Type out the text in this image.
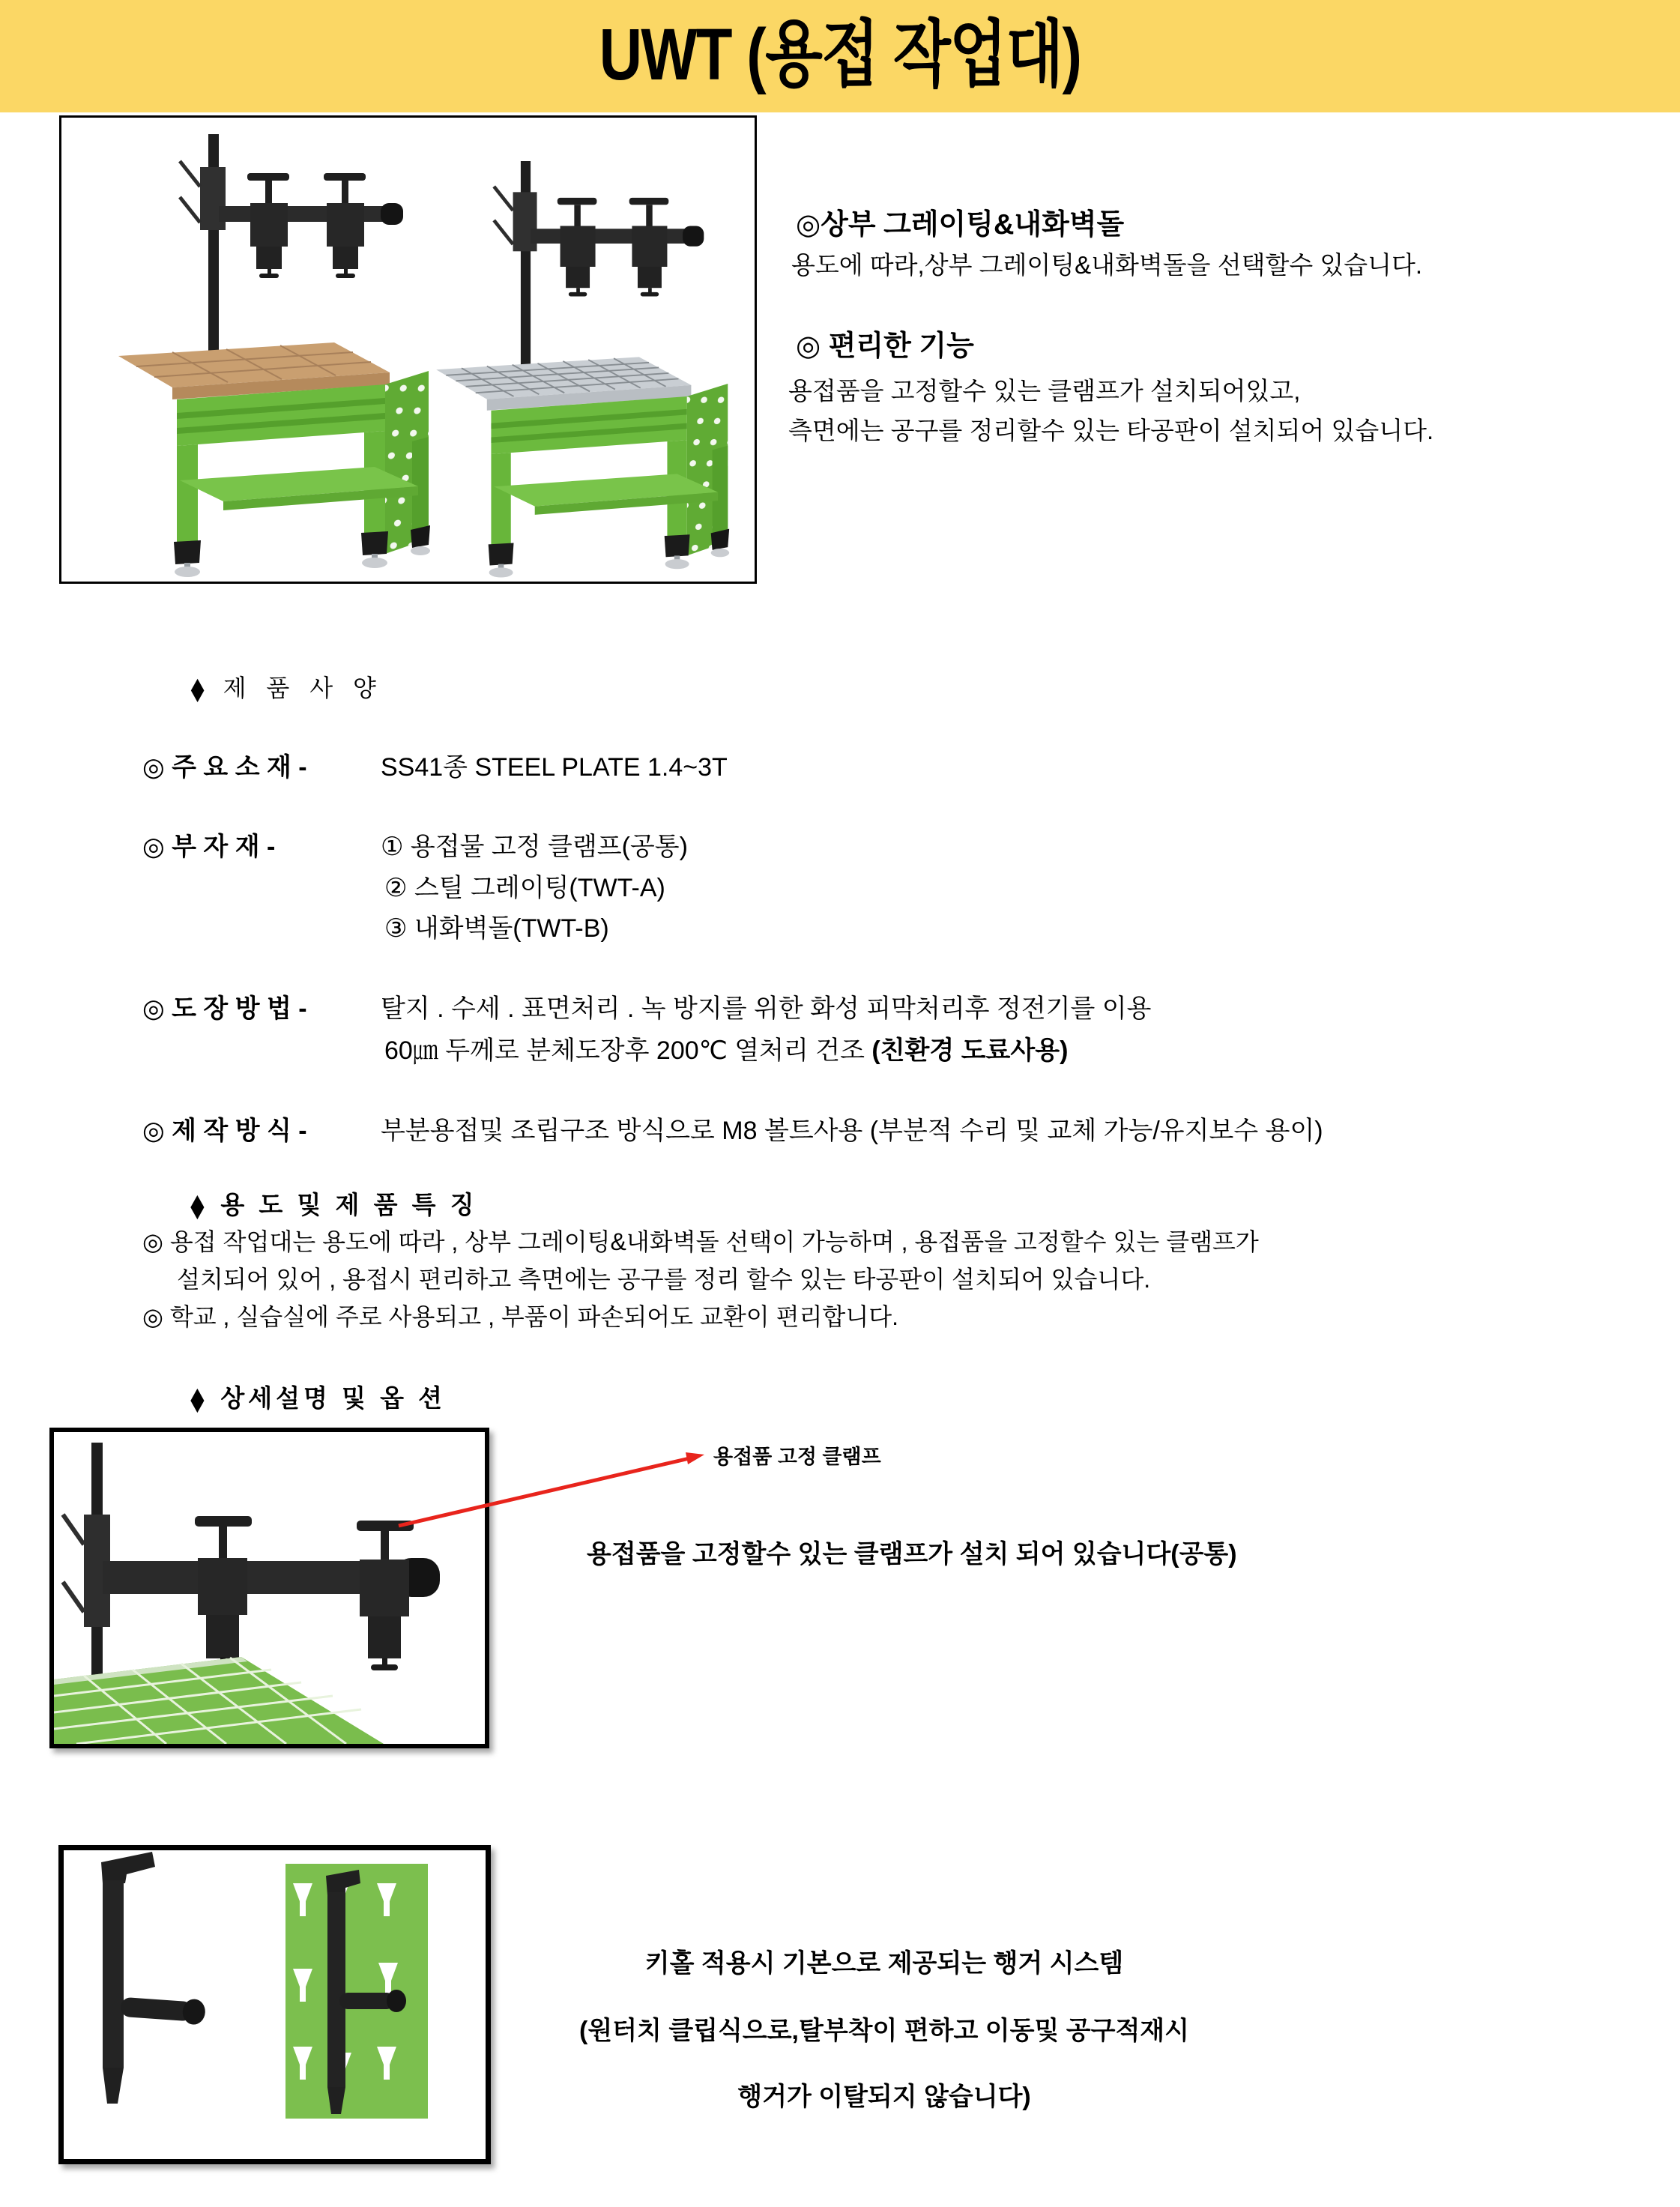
UWT (용접 작업대)
◎상부 그레이팅&내화벽돌
용도에 따라,상부 그레이팅&내화벽돌을 선택할수 있습니다.
◎ 편리한 기능
용접품을 고정할수 있는 클램프가 설치되어있고,
측면에는 공구를 정리할수 있는 타공판이 설치되어 있습니다.
◆ 제 품 사 양
◎ 주 요 소 재 -	SS41종 STEEL PLATE 1.4~3T
◎ 부 자 재 -	① 용접물 고정 클램프(공통)
② 스틸 그레이팅(TWT-A)
③ 내화벽돌(TWT-B)
◎ 도 장 방 법 -	탈지 . 수세 . 표면처리 . 녹 방지를 위한 화성 피막처리후 정전기를 이용
60㎛ 두께로 분체도장후 200℃ 열처리 건조 (친환경 도료사용)
◎ 제 작 방 식 -	부분용접및 조립구조 방식으로 M8 볼트사용 (부분적 수리 및 교체 가능/유지보수 용이)
◆ 용 도 및 제 품 특 징
◎ 용접 작업대는 용도에 따라 , 상부 그레이팅&내화벽돌 선택이 가능하며 , 용접품을 고정할수 있는 클램프가
설치되어 있어 , 용접시 편리하고 측면에는 공구를 정리 할수 있는 타공판이 설치되어 있습니다.
◎ 학교 , 실습실에 주로 사용되고 , 부품이 파손되어도 교환이 편리합니다.
◆ 상세설명 및 옵 션
용접품 고정 클램프
용접품을 고정할수 있는 클램프가 설치 되어 있습니다(공통)
키홀 적용시 기본으로 제공되는 행거 시스템
(원터치 클립식으로,탈부착이 편하고 이동및 공구적재시
행거가 이탈되지 않습니다)
